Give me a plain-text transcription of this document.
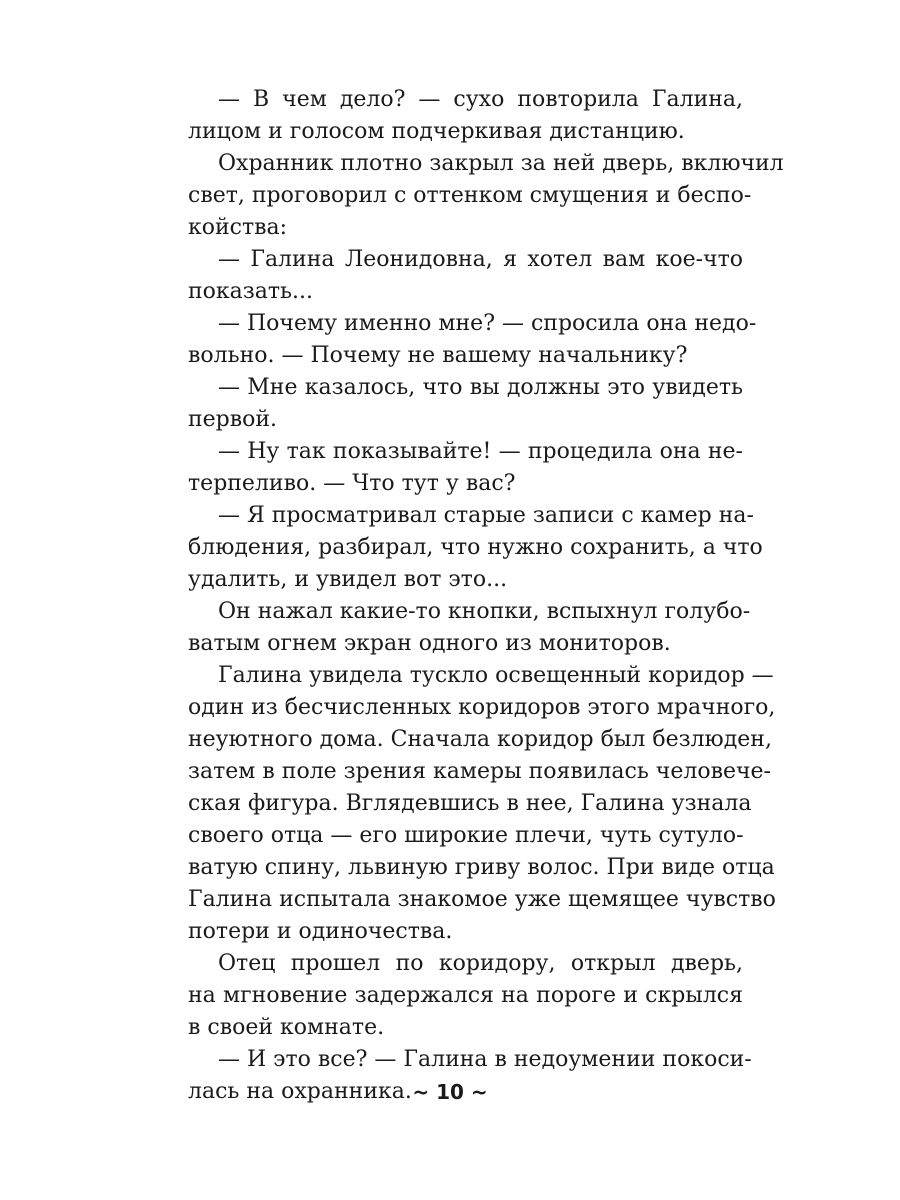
— В чем дело? — сухо повторила Галина,
лицом и голосом подчеркивая дистанцию.
Охранник плотно закрыл за ней дверь, включил
свет, проговорил с оттенком смущения и беспо-
койства:
— Галина Леонидовна, я хотел вам кое-что
показать...
— Почему именно мне? — спросила она недо-
вольно. — Почему не вашему начальнику?
— Мне казалось, что вы должны это увидеть
первой.
— Ну так показывайте! — процедила она не-
терпеливо. — Что тут у вас?
— Я просматривал старые записи с камер на-
блюдения, разбирал, что нужно сохранить, а что
удалить, и увидел вот это...
Он нажал какие-то кнопки, вспыхнул голубо-
ватым огнем экран одного из мониторов.
Галина увидела тускло освещенный коридор —
один из бесчисленных коридоров этого мрачного,
неуютного дома. Сначала коридор был безлюден,
затем в поле зрения камеры появилась человече-
ская фигура. Вглядевшись в нее, Галина узнала
своего отца — его широкие плечи, чуть сутуло-
ватую спину, львиную гриву волос. При виде отца
Галина испытала знакомое уже щемящее чувство
потери и одиночества.
Отец прошел по коридору, открыл дверь,
на мгновение задержался на пороге и скрылся
в своей комнате.
— И это все? — Галина в недоумении покоси-
лась на охранника. ~ 10 ~
